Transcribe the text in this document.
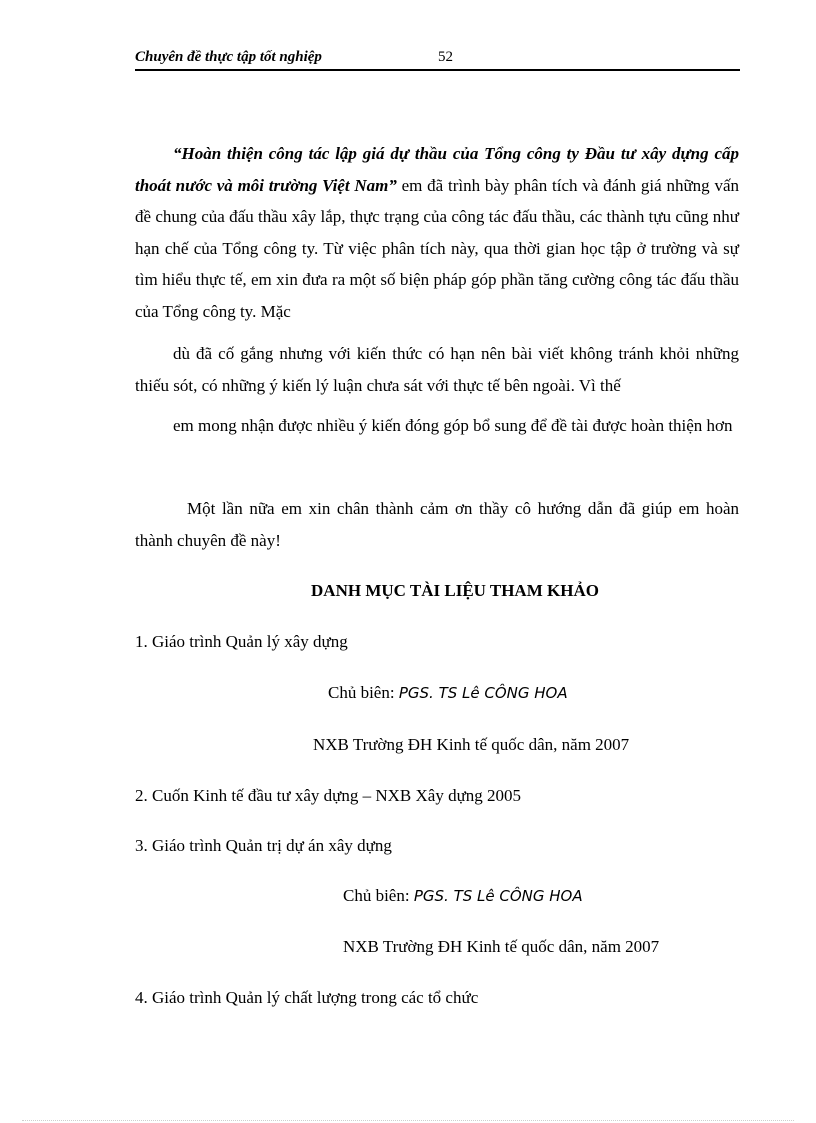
Chuyên đề thực tập tốt nghiệp	52
“Hoàn thiện công tác lập giá dự thầu của Tổng công ty Đầu tư xây dựng cấp thoát nước và môi trường Việt Nam” em đã trình bày phân tích và đánh giá những vấn đề chung của đấu thầu xây lắp, thực trạng của công tác đấu thầu, các thành tựu cũng như hạn chế của Tổng công ty. Từ việc phân tích này, qua thời gian học tập ở trường và sự tìm hiểu thực tế, em xin đưa ra một số biện pháp góp phần tăng cường công tác đấu thầu của Tổng công ty. Mặc
dù đã cố gắng nhưng với kiến thức có hạn nên bài viết không tránh khỏi những thiếu sót, có những ý kiến lý luận chưa sát với thực tế bên ngoài. Vì thế
em mong nhận được nhiều ý kiến đóng góp bổ sung để đề tài được hoàn thiện hơn
Một lần nữa em xin chân thành cảm ơn thầy cô hướng dẫn đã giúp em hoàn thành chuyên đề này!
DANH MỤC TÀI LIỆU THAM KHẢO
1. Giáo trình Quản lý xây dựng
Chủ biên: PGS. TS Lê CÔNG HOA
NXB Trường ĐH Kinh tế quốc dân, năm 2007
2. Cuốn Kinh tế đầu tư xây dựng – NXB Xây dựng 2005
3. Giáo trình Quản trị dự án xây dựng
Chủ biên: PGS. TS Lê CÔNG HOA
NXB Trường ĐH Kinh tế quốc dân, năm 2007
4. Giáo trình Quản lý chất lượng trong các tổ chức
